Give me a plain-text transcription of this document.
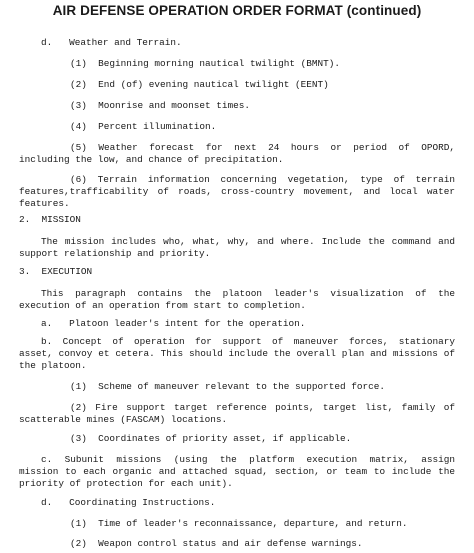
AIR DEFENSE OPERATION ORDER FORMAT (continued)
d.   Weather and Terrain.
(1)  Beginning morning nautical twilight (BMNT).
(2)  End (of) evening nautical twilight (EENT)
(3)  Moonrise and moonset times.
(4)  Percent illumination.
(5) Weather forecast for next 24 hours or period of OPORD,
including the low, and chance of precipitation.
(6) Terrain information concerning vegetation, type of terrain
features,trafficability of roads, cross-country movement, and local water
features.
2.  MISSION
The mission includes who, what, why, and where. Include the command and
support relationship and priority.
3.  EXECUTION
This paragraph contains the platoon leader's visualization of the
execution of an operation from start to completion.
a.   Platoon leader's intent for the operation.
b. Concept of operation for support of maneuver forces, stationary
asset, convoy et cetera. This should include the overall plan and missions of
the platoon.
(1)  Scheme of maneuver relevant to the supported force.
(2) Fire support target reference points, target list, family of
scatterable mines (FASCAM) locations.
(3)  Coordinates of priority asset, if applicable.
c. Subunit missions (using the platform execution matrix, assign
mission to each organic and attached squad, section, or team to include the
priority of protection for each unit).
d.   Coordinating Instructions.
(1)  Time of leader's reconnaissance, departure, and return.
(2)  Weapon control status and air defense warnings.
